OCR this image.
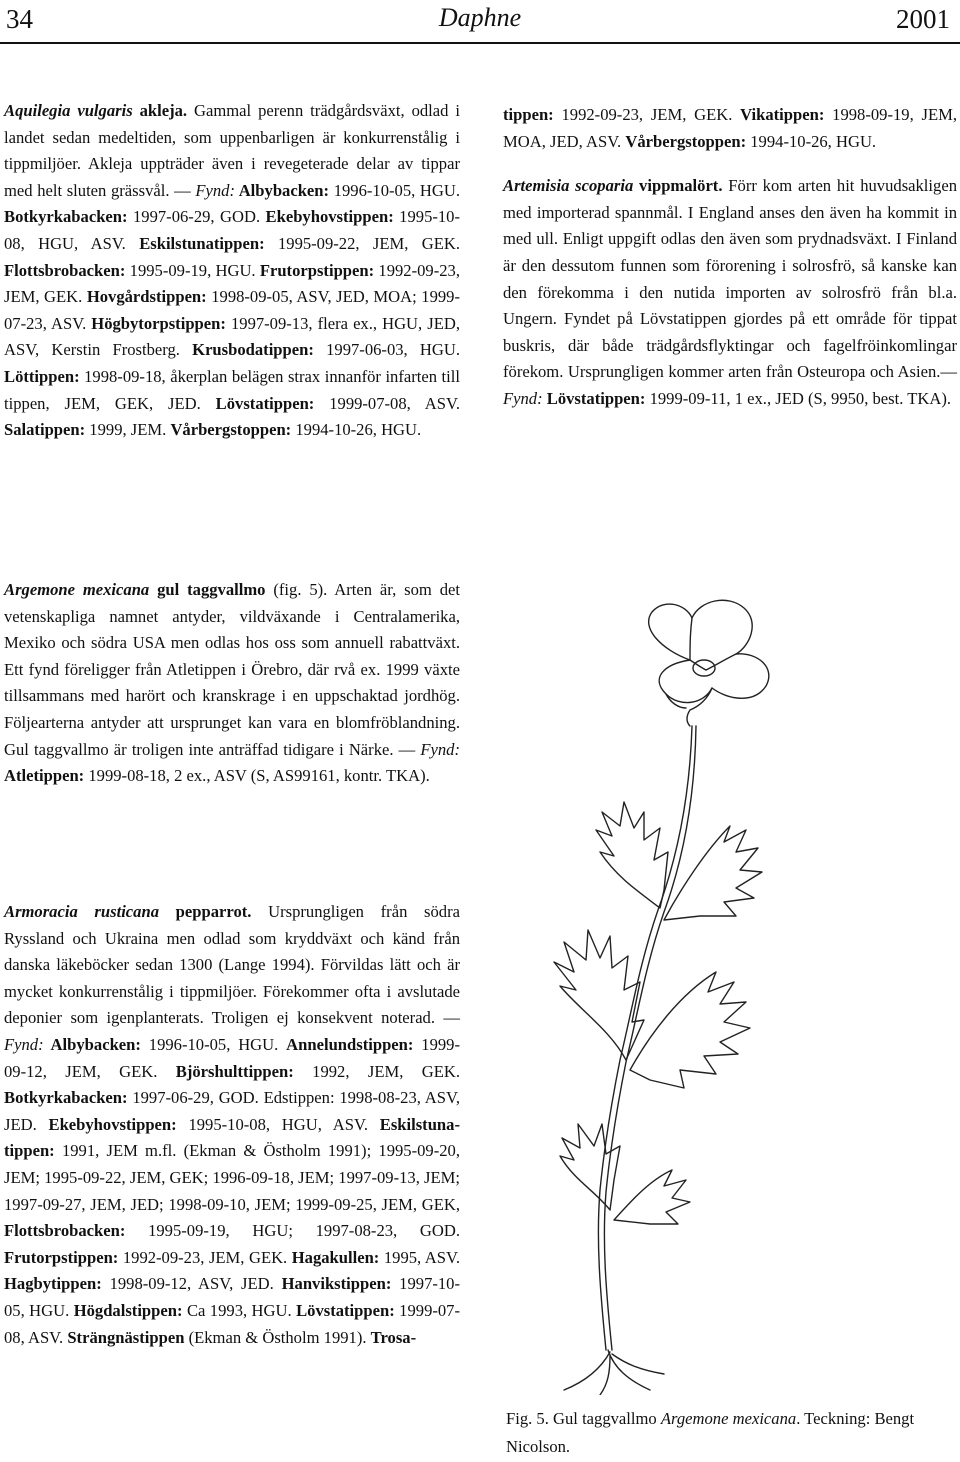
34	Daphne	2001

Aquilegia vulgaris akleja. Gammal perenn trädgårdsväxt, odlad i landet sedan medeltiden, som uppenbarligen är konkurrenstålig i tippmiljöer. Akleja uppträder även i revegeterade delar av tippar med helt sluten grässvål. — Fynd: Albybacken: 1996-10-05, HGU. Botkyrkabacken: 1997-06-29, GOD. Ekebyhovstippen: 1995-10-08, HGU, ASV. Eskilstunatippen: 1995-09-22, JEM, GEK. Flottsbrobacken: 1995-09-19, HGU. Frutorpstippen: 1992-09-23, JEM, GEK. Hovgårdstippen: 1998-09-05, ASV, JED, MOA; 1999-07-23, ASV. Högbytorpstippen: 1997-09-13, flera ex., HGU, JED, ASV, Kerstin Frostberg. Krusbodatippen: 1997-06-03, HGU. Löttippen: 1998-09-18, åkerplan belägen strax innanför infarten till tippen, JEM, GEK, JED. Lövstatippen: 1999-07-08, ASV. Salatippen: 1999, JEM. Vårbergstoppen: 1994-10-26, HGU.

tippen: 1992-09-23, JEM, GEK. Vikatippen: 1998-09-19, JEM, MOA, JED, ASV. Vårbergstoppen: 1994-10-26, HGU.

Artemisia scoparia vippmalört. Förr kom arten hit huvudsakligen med importerad spannmål. I England anses den även ha kommit in med ull. Enligt uppgift odlas den även som prydnadsväxt. I Finland är den dessutom funnen som förorening i solrosfrö, så kanske kan den förekomma i den nutida importen av solrosfrö från bl.a. Ungern. Fyndet på Lövstatippen gjordes på ett område för tippat buskris, där både trädgårdsflyktingar och fagelfröinkomlingar förekom. Ursprungligen kommer arten från Osteuropa och Asien.—Fynd: Lövstatippen: 1999-09-11, 1 ex., JED (S, 9950, best. TKA).

Argemone mexicana gul taggvallmo (fig. 5). Arten är, som det vetenskapliga namnet antyder, vildväxande i Centralamerika, Mexiko och södra USA men odlas hos oss som annuell rabattväxt. Ett fynd föreligger från Atletippen i Örebro, där rvå ex. 1999 växte tillsammans med harört och kranskrage i en uppschaktad jordhög. Följearterna antyder att ursprunget kan vara en blomfröblandning. Gul taggvallmo är troligen inte anträffad tidigare i Närke. — Fynd: Atletippen: 1999-08-18, 2 ex., ASV (S, AS99161, kontr. TKA).

Armoracia rusticana pepparrot. Ursprungligen från södra Ryssland och Ukraina men odlad som kryddväxt och känd från danska läkeböcker sedan 1300 (Lange 1994). Förvildas lätt och är mycket konkurrenstålig i tippmiljöer. Förekommer ofta i avslutade deponier som igenplanterats. Troligen ej konsekvent noterad. — Fynd: Albybacken: 1996-10-05, HGU. Annelundstippen: 1999-09-12, JEM, GEK. Björshulttippen: 1992, JEM, GEK. Botkyrkabacken: 1997-06-29, GOD. Edstippen: 1998-08-23, ASV, JED. Ekebyhovstippen: 1995-10-08, HGU, ASV. Eskilstunatippen: 1991, JEM m.fl. (Ekman & Östholm 1991); 1995-09-20, JEM; 1995-09-22, JEM, GEK; 1996-09-18, JEM; 1997-09-13, JEM; 1997-09-27, JEM, JED; 1998-09-10, JEM; 1999-09-25, JEM, GEK, Flottsbrobacken: 1995-09-19, HGU; 1997-08-23, GOD. Frutorpstippen: 1992-09-23, JEM, GEK. Hagakullen: 1995, ASV. Hagbytippen: 1998-09-12, ASV, JED. Hanvikstippen: 1997-10-05, HGU. Högdalstippen: Ca 1993, HGU. Lövstatippen: 1999-07-08, ASV. Strängnästippen (Ekman & Östholm 1991). Trosa-

Fig. 5. Gul taggvallmo Argemone mexicana. Teckning: Bengt Nicolson.
